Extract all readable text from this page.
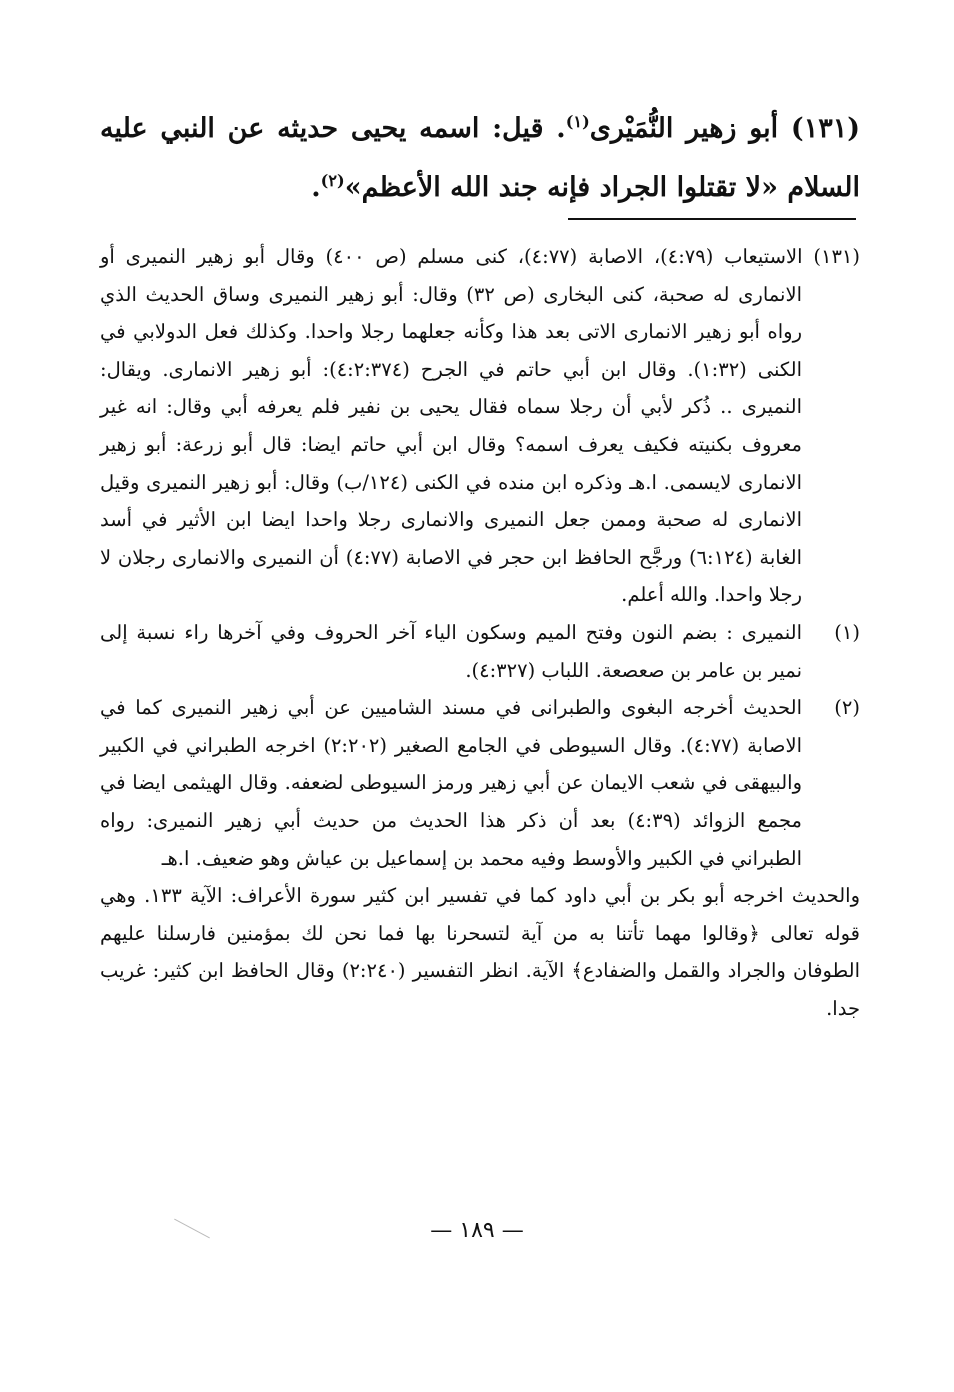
(١٣١) أبو زهير النُّمَيْرى$^{(١)}$. قيل: اسمه يحيى حديثه عن النبي عليه السلام «لا تقتلوا الجراد فإنه جند الله الأعظم»$^{(٢)}$.

(١٣١) الاستيعاب (٤:٧٩)، الاصابة (٤:٧٧)، كنى مسلم (ص ٤٠٠) وقال أبو زهير النميرى أو الانمارى له صحبة، كنى البخارى (ص ٣٢) وقال: أبو زهير النميرى وساق الحديث الذي رواه أبو زهير الانمارى الاتى بعد هذا وكأنه جعلهما رجلا واحدا. وكذلك فعل الدولابي في الكنى (١:٣٢). وقال ابن أبي حاتم في الجرح (٤:٢:٣٧٤): أبو زهير الانمارى. ويقال: النميرى .. ذُكر لأبي أن رجلا سماه فقال يحيى بن نفير فلم يعرفه أبي وقال: انه غير معروف بكنيته فكيف يعرف اسمه؟ وقال ابن أبي حاتم ايضا: قال أبو زرعة: أبو زهير الانمارى لايسمى. ا.هـ وذكره ابن منده في الكنى (١٢٤/ب) وقال: أبو زهير النميرى وقيل الانمارى له صحبة وممن جعل النميرى والانمارى رجلا واحدا ايضا ابن الأثير في أسد الغابة (٦:١٢٤) ورجَّح الحافظ ابن حجر في الاصابة (٤:٧٧) أن النميرى والانمارى رجلان لا رجلا واحدا. والله أعلم.

(١)

النميرى : بضم النون وفتح الميم وسكون الياء آخر الحروف وفي آخرها راء نسبة إلى نمير بن عامر بن صعصعة. اللباب (٤:٣٢٧).

(٢)

الحديث أخرجه البغوى والطبرانى في مسند الشاميين عن أبي زهير النميرى كما في الاصابة (٤:٧٧). وقال السيوطى في الجامع الصغير (٢:٢٠٢) اخرجه الطبراني في الكبير والبيهقى في شعب الايمان عن أبي زهير ورمز السيوطى لضعفه. وقال الهيثمى ايضا في مجمع الزوائد (٤:٣٩) بعد أن ذكر هذا الحديث من حديث أبي زهير النميرى: رواه الطبراني في الكبير والأوسط وفيه محمد بن إسماعيل بن عياش وهو ضعيف. ا.هـ

والحديث اخرجه أبو بكر بن أبي داود كما في تفسير ابن كثير سورة الأعراف: الآية ١٣٣. وهي قوله تعالى ﴿وقالوا مهما تأتنا به من آية لتسحرنا بها فما نحن لك بمؤمنين فارسلنا عليهم الطوفان والجراد والقمل والضفادع﴾ الآية. انظر التفسير (٢:٢٤٠) وقال الحافظ ابن كثير: غريب جدا.

— ١٨٩ —
